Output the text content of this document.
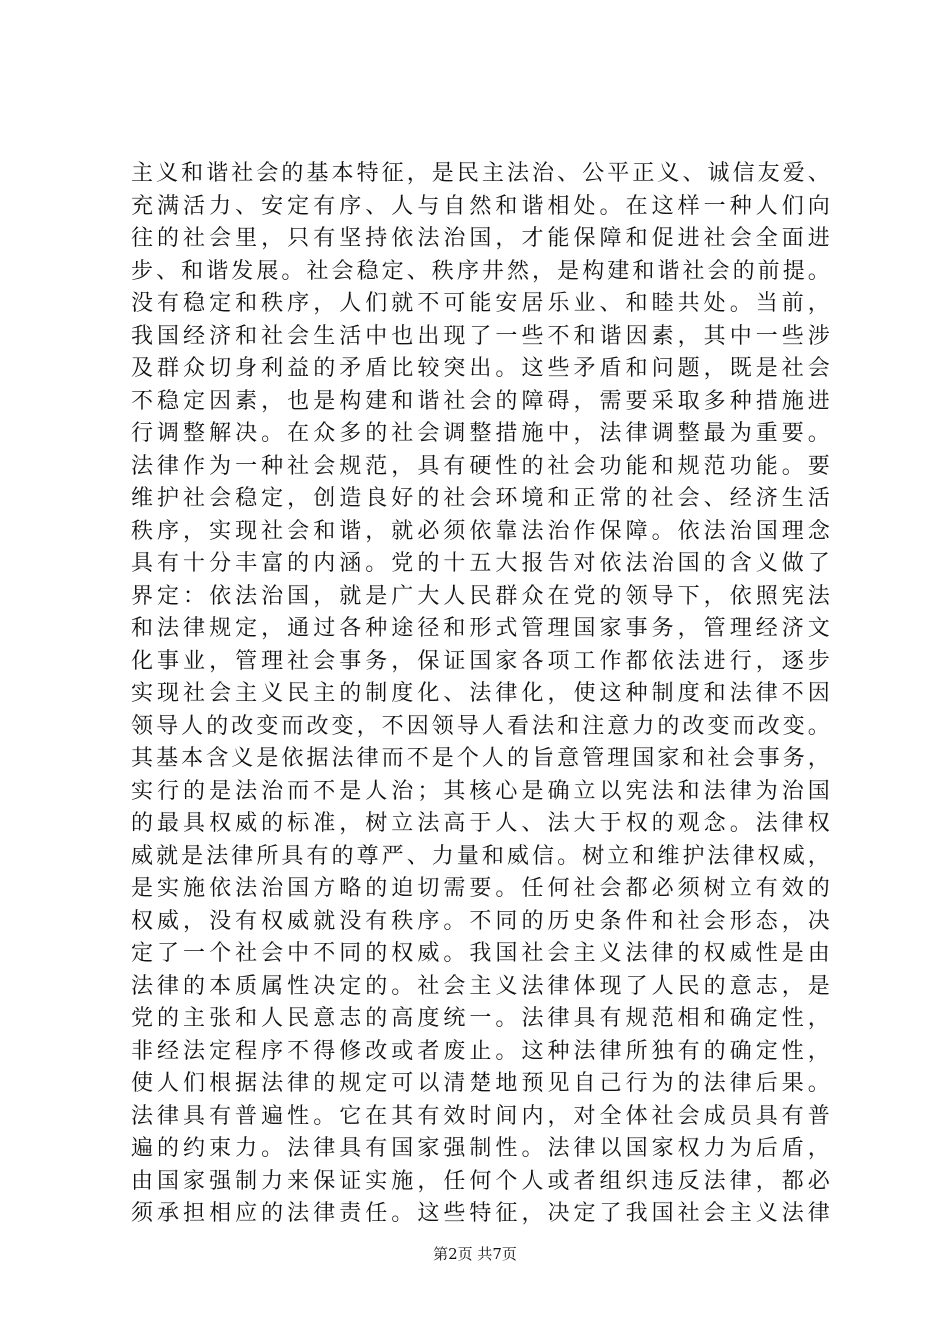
主义和谐社会的基本特征，是民主法治、公平正义、诚信友爱、
充满活力、安定有序、人与自然和谐相处。在这样一种人们向
往的社会里，只有坚持依法治国，才能保障和促进社会全面进
步、和谐发展。社会稳定、秩序井然，是构建和谐社会的前提。
没有稳定和秩序，人们就不可能安居乐业、和睦共处。当前，
我国经济和社会生活中也出现了一些不和谐因素，其中一些涉
及群众切身利益的矛盾比较突出。这些矛盾和问题，既是社会
不稳定因素，也是构建和谐社会的障碍，需要采取多种措施进
行调整解决。在众多的社会调整措施中，法律调整最为重要。
法律作为一种社会规范，具有硬性的社会功能和规范功能。要
维护社会稳定，创造良好的社会环境和正常的社会、经济生活
秩序，实现社会和谐，就必须依靠法治作保障。依法治国理念
具有十分丰富的内涵。党的十五大报告对依法治国的含义做了
界定：依法治国，就是广大人民群众在党的领导下，依照宪法
和法律规定，通过各种途径和形式管理国家事务，管理经济文
化事业，管理社会事务，保证国家各项工作都依法进行，逐步
实现社会主义民主的制度化、法律化，使这种制度和法律不因
领导人的改变而改变，不因领导人看法和注意力的改变而改变。
其基本含义是依据法律而不是个人的旨意管理国家和社会事务，
实行的是法治而不是人治；其核心是确立以宪法和法律为治国
的最具权威的标准，树立法高于人、法大于权的观念。法律权
威就是法律所具有的尊严、力量和威信。树立和维护法律权威，
是实施依法治国方略的迫切需要。任何社会都必须树立有效的
权威，没有权威就没有秩序。不同的历史条件和社会形态，决
定了一个社会中不同的权威。我国社会主义法律的权威性是由
法律的本质属性决定的。社会主义法律体现了人民的意志，是
党的主张和人民意志的高度统一。法律具有规范相和确定性，
非经法定程序不得修改或者废止。这种法律所独有的确定性，
使人们根据法律的规定可以清楚地预见自己行为的法律后果。
法律具有普遍性。它在其有效时间内，对全体社会成员具有普
遍的约束力。法律具有国家强制性。法律以国家权力为后盾，
由国家强制力来保证实施，任何个人或者组织违反法律，都必
须承担相应的法律责任。这些特征，决定了我国社会主义法律
第2页 共7页
